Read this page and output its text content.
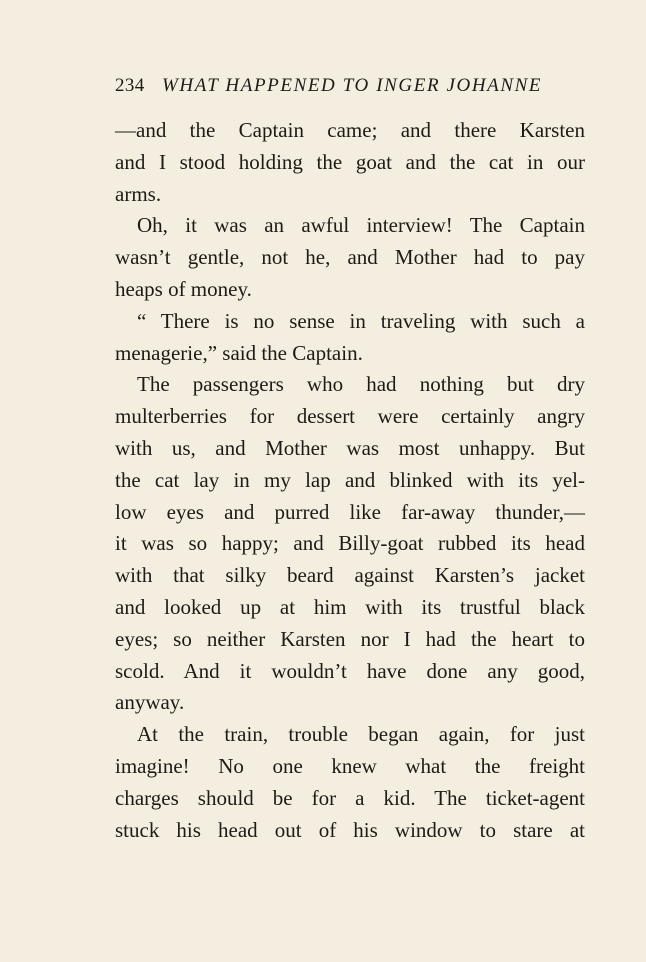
234 WHAT HAPPENED TO INGER JOHANNE
—and the Captain came; and there Karsten
and I stood holding the goat and the cat in our
arms.
Oh, it was an awful interview! The Captain
wasn’t gentle, not he, and Mother had to pay
heaps of money.
“ There is no sense in traveling with such a
menagerie,” said the Captain.
The passengers who had nothing but dry
multerberries for dessert were certainly angry
with us, and Mother was most unhappy. But
the cat lay in my lap and blinked with its yel-
low eyes and purred like far-away thunder,—
it was so happy; and Billy-goat rubbed its head
with that silky beard against Karsten’s jacket
and looked up at him with its trustful black
eyes; so neither Karsten nor I had the heart to
scold. And it wouldn’t have done any good,
anyway.
At the train, trouble began again, for just
imagine! No one knew what the freight
charges should be for a kid. The ticket-agent
stuck his head out of his window to stare at
